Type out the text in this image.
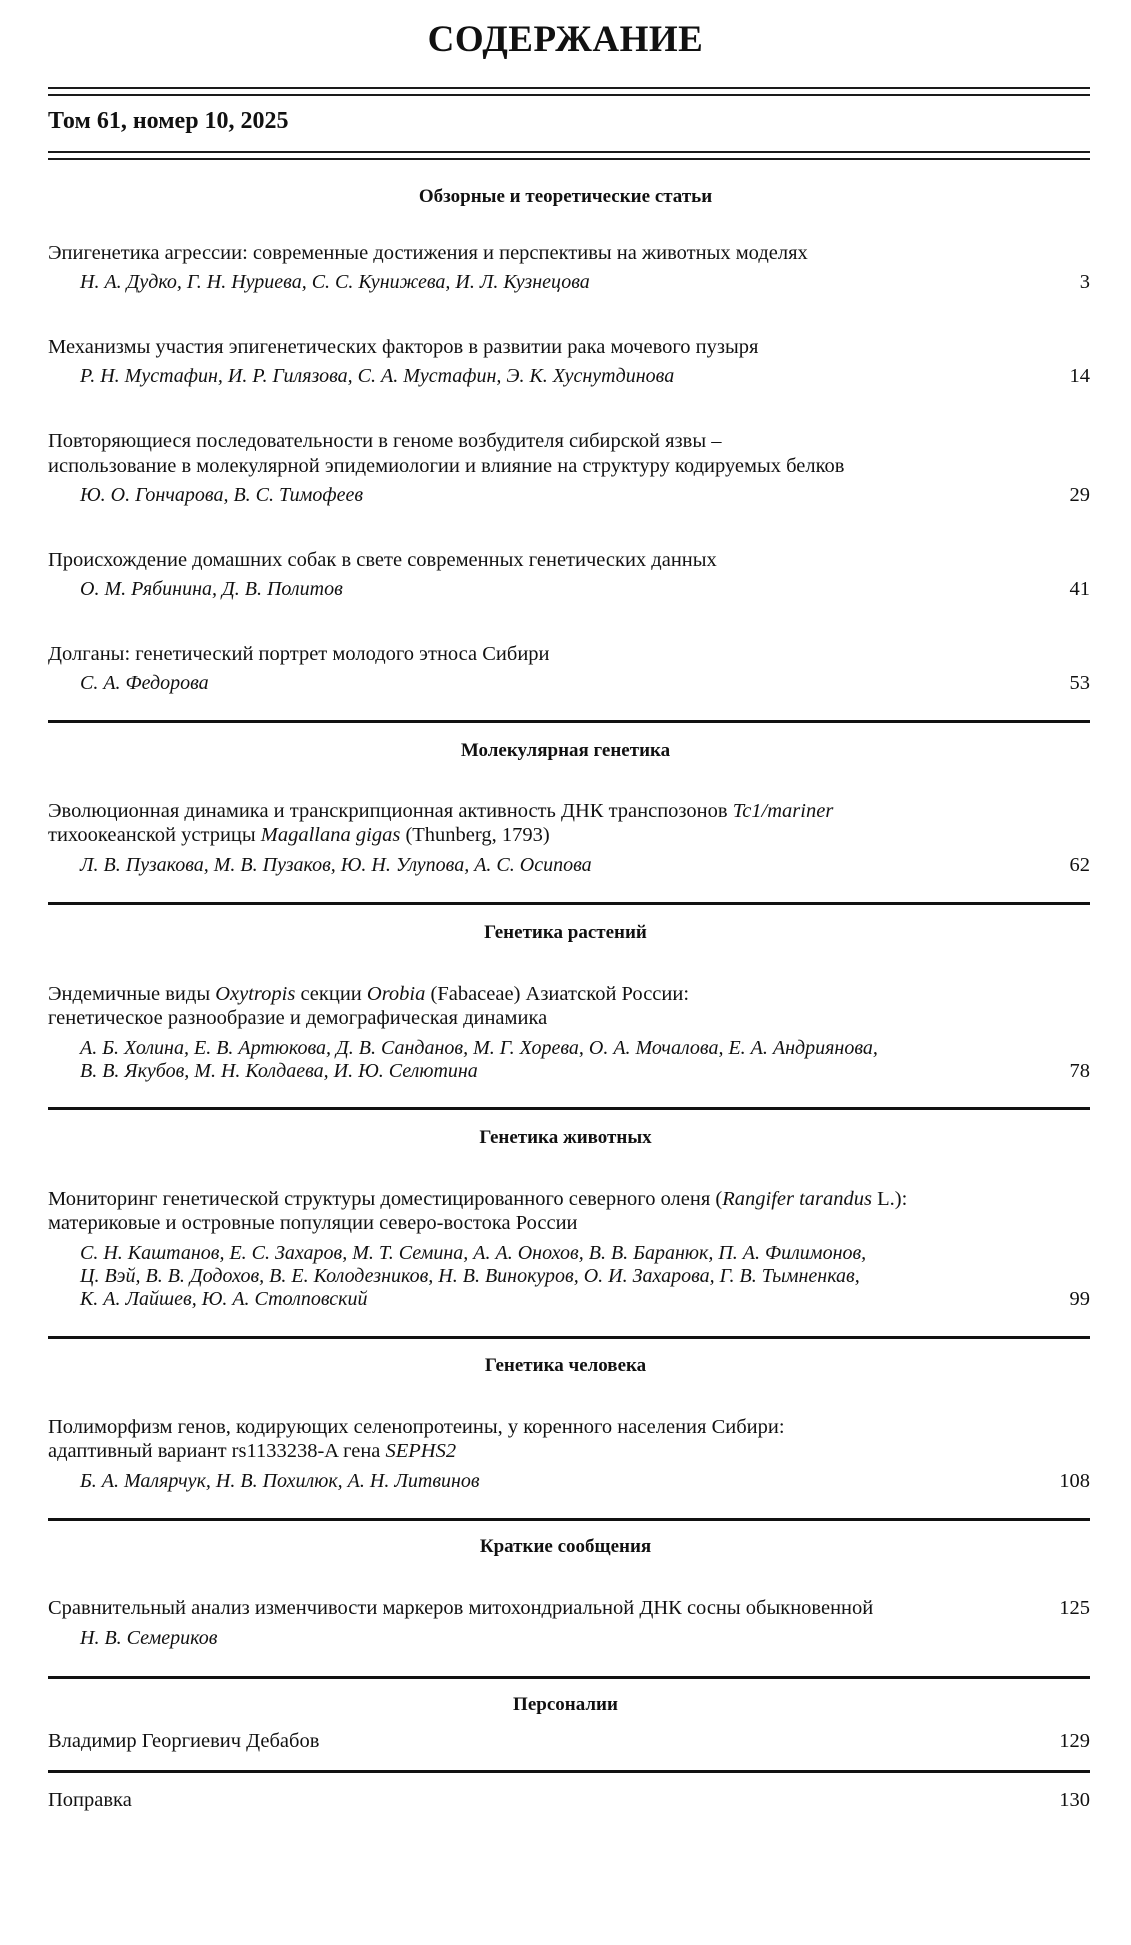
СОДЕРЖАНИЕ
Том 61, номер 10, 2025
Обзорные и теоретические статьи
Эпигенетика агрессии: современные достижения и перспективы на животных моделях
Н. А. Дудко, Г. Н. Нуриева, С. С. Кунижева, И. Л. Кузнецова	3
Механизмы участия эпигенетических факторов в развитии рака мочевого пузыря
Р. Н. Мустафин, И. Р. Гилязова, С. А. Мустафин, Э. К. Хуснутдинова	14
Повторяющиеся последовательности в геноме возбудителя сибирской язвы –
использование в молекулярной эпидемиологии и влияние на структуру кодируемых белков
Ю. О. Гончарова, В. С. Тимофеев	29
Происхождение домашних собак в свете современных генетических данных
О. М. Рябинина, Д. В. Политов	41
Долганы: генетический портрет молодого этноса Сибири
С. А. Федорова	53
Молекулярная генетика
Эволюционная динамика и транскрипционная активность ДНК транспозонов Tc1/mariner
тихоокеанской устрицы Magallana gigas (Thunberg, 1793)
Л. В. Пузакова, М. В. Пузаков, Ю. Н. Улупова, А. С. Осипова	62
Генетика растений
Эндемичные виды Oxytropis секции Orobia (Fabaceae) Азиатской России:
генетическое разнообразие и демографическая динамика
А. Б. Холина, Е. В. Артюкова, Д. В. Санданов, М. Г. Хорева, О. А. Мочалова, Е. А. Андриянова,
В. В. Якубов, М. Н. Колдаева, И. Ю. Селютина	78
Генетика животных
Мониторинг генетической структуры доместицированного северного оленя (Rangifer tarandus L.):
материковые и островные популяции северо-востока России
С. Н. Каштанов, Е. С. Захаров, М. Т. Семина, А. А. Онохов, В. В. Баранюк, П. А. Филимонов,
Ц. Вэй, В. В. Додохов, В. Е. Колодезников, Н. В. Винокуров, О. И. Захарова, Г. В. Тымненкав,
К. А. Лайшев, Ю. А. Столповский	99
Генетика человека
Полиморфизм генов, кодирующих селенопротеины, у коренного населения Сибири:
адаптивный вариант rs1133238-A гена SEPHS2
Б. А. Малярчук, Н. В. Похилюк, А. Н. Литвинов	108
Краткие сообщения
Сравнительный анализ изменчивости маркеров митохондриальной ДНК сосны обыкновенной	125
Н. В. Семериков
Персоналии
Владимир Георгиевич Дебабов	129
Поправка	130
